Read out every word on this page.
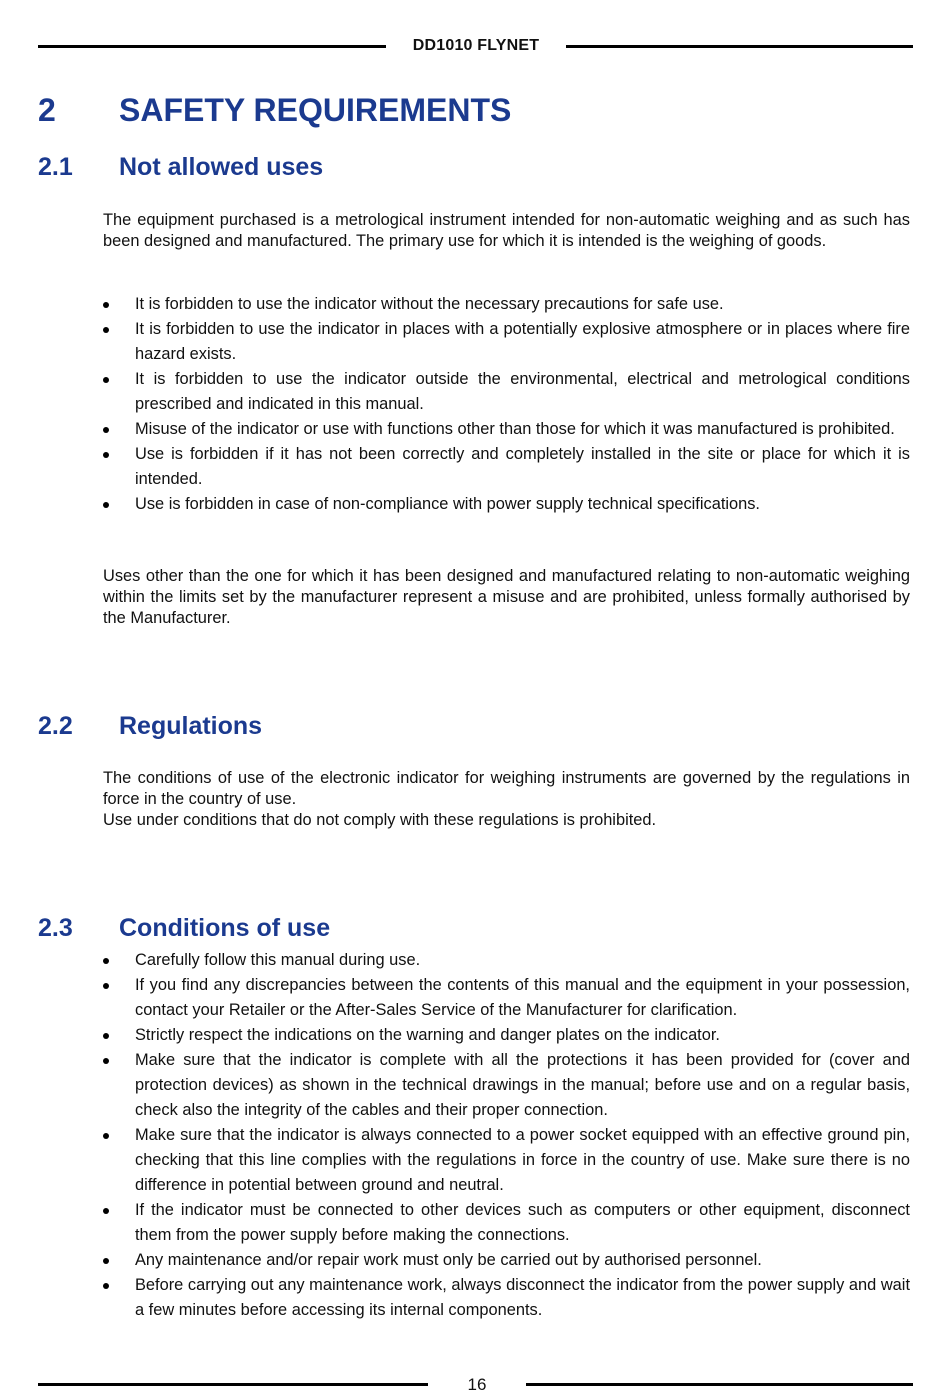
DD1010 FLYNET
2 SAFETY REQUIREMENTS
2.1 Not allowed uses

The equipment purchased is a metrological instrument intended for non-automatic weighing and as such has been designed and manufactured. The primary use for which it is intended is the weighing of goods.

It is forbidden to use the indicator without the necessary precautions for safe use.
It is forbidden to use the indicator in places with a potentially explosive atmosphere or in places where fire hazard exists.
It is forbidden to use the indicator outside the environmental, electrical and metrological conditions prescribed and indicated in this manual.
Misuse of the indicator or use with functions other than those for which it was manufactured is prohibited.
Use is forbidden if it has not been correctly and completely installed in the site or place for which it is intended.
Use is forbidden in case of non-compliance with power supply technical specifications.

Uses other than the one for which it has been designed and manufactured relating to non-automatic weighing within the limits set by the manufacturer represent a misuse and are prohibited, unless formally authorised by the Manufacturer.

2.2 Regulations

The conditions of use of the electronic indicator for weighing instruments are governed by the regulations in force in the country of use.
Use under conditions that do not comply with these regulations is prohibited.

2.3 Conditions of use
Carefully follow this manual during use.
If you find any discrepancies between the contents of this manual and the equipment in your possession, contact your Retailer or the After-Sales Service of the Manufacturer for clarification.
Strictly respect the indications on the warning and danger plates on the indicator.
Make sure that the indicator is complete with all the protections it has been provided for (cover and protection devices) as shown in the technical drawings in the manual; before use and on a regular basis, check also the integrity of the cables and their proper connection.
Make sure that the indicator is always connected to a power socket equipped with an effective ground pin, checking that this line complies with the regulations in force in the country of use. Make sure there is no difference in potential between ground and neutral.
If the indicator must be connected to other devices such as computers or other equipment, disconnect them from the power supply before making the connections.
Any maintenance and/or repair work must only be carried out by authorised personnel.
Before carrying out any maintenance work, always disconnect the indicator from the power supply and wait a few minutes before accessing its internal components.
16
